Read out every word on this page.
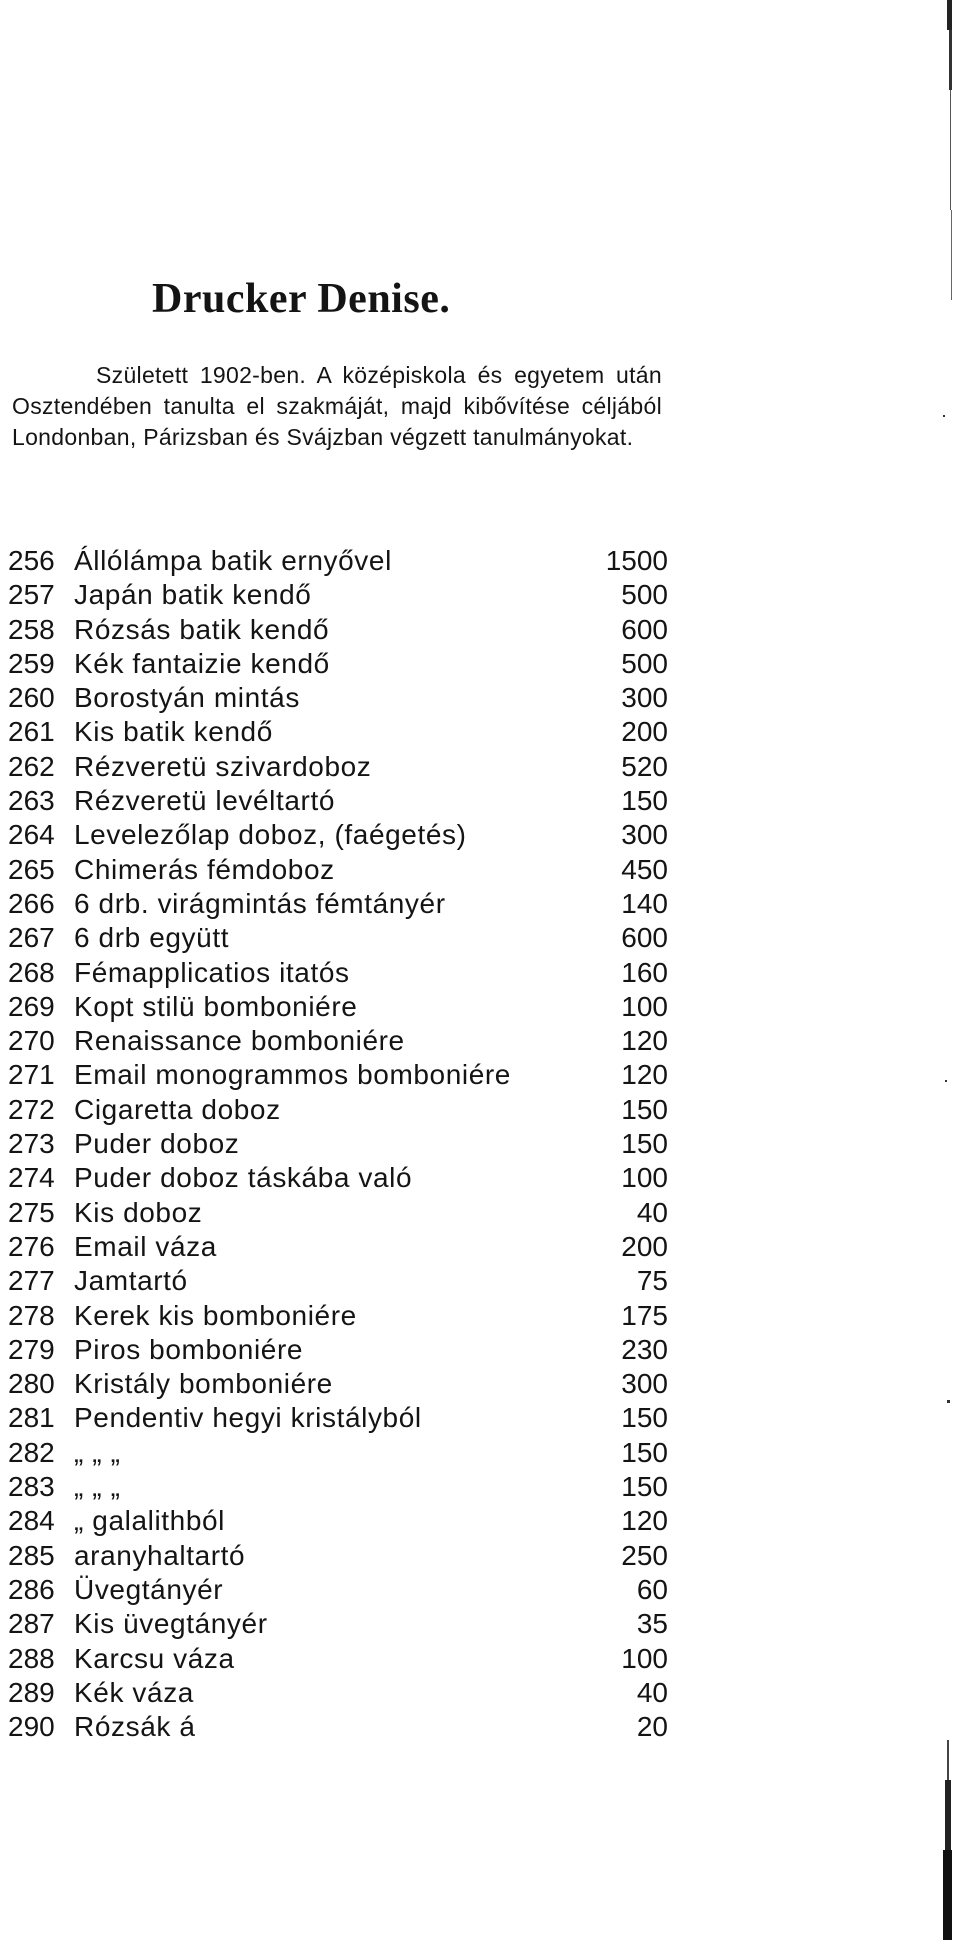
Drucker Denise.

Született 1902-ben. A középiskola és egyetem után Osztendében tanulta el szakmáját, majd kibővítése céljából Londonban, Párizsban és Svájzban végzett tanulmányokat.

256 Állólámpa batik ernyővel	1500
257 Japán batik kendő	500
258 Rózsás batik kendő	600
259 Kék fantaizie kendő	500
260 Borostyán mintás	300
261 Kis batik kendő	200
262 Rézveretü szivardoboz	520
263 Rézveretü levéltartó	150
264 Levelezőlap doboz, (faégetés)	300
265 Chimerás fémdoboz	450
266 6 drb. virágmintás fémtányér	140
267 6 drb együtt	600
268 Fémapplicatios itatós	160
269 Kopt stilü bomboniére	100
270 Renaissance bomboniére	120
271 Email monogrammos bomboniére	120
272 Cigaretta doboz	150
273 Puder doboz	150
274 Puder doboz táskába való	100
275 Kis doboz	40
276 Email váza	200
277 Jamtartó	75
278 Kerek kis bomboniére	175
279 Piros bomboniére	230
280 Kristály bomboniére	300
281 Pendentiv hegyi kristályból	150
282 „ „ „	150
283 „ „ „	150
284 „ galalithból	120
285 aranyhaltartó	250
286 Üvegtányér	60
287 Kis üvegtányér	35
288 Karcsu váza	100
289 Kék váza	40
290 Rózsák á	20
